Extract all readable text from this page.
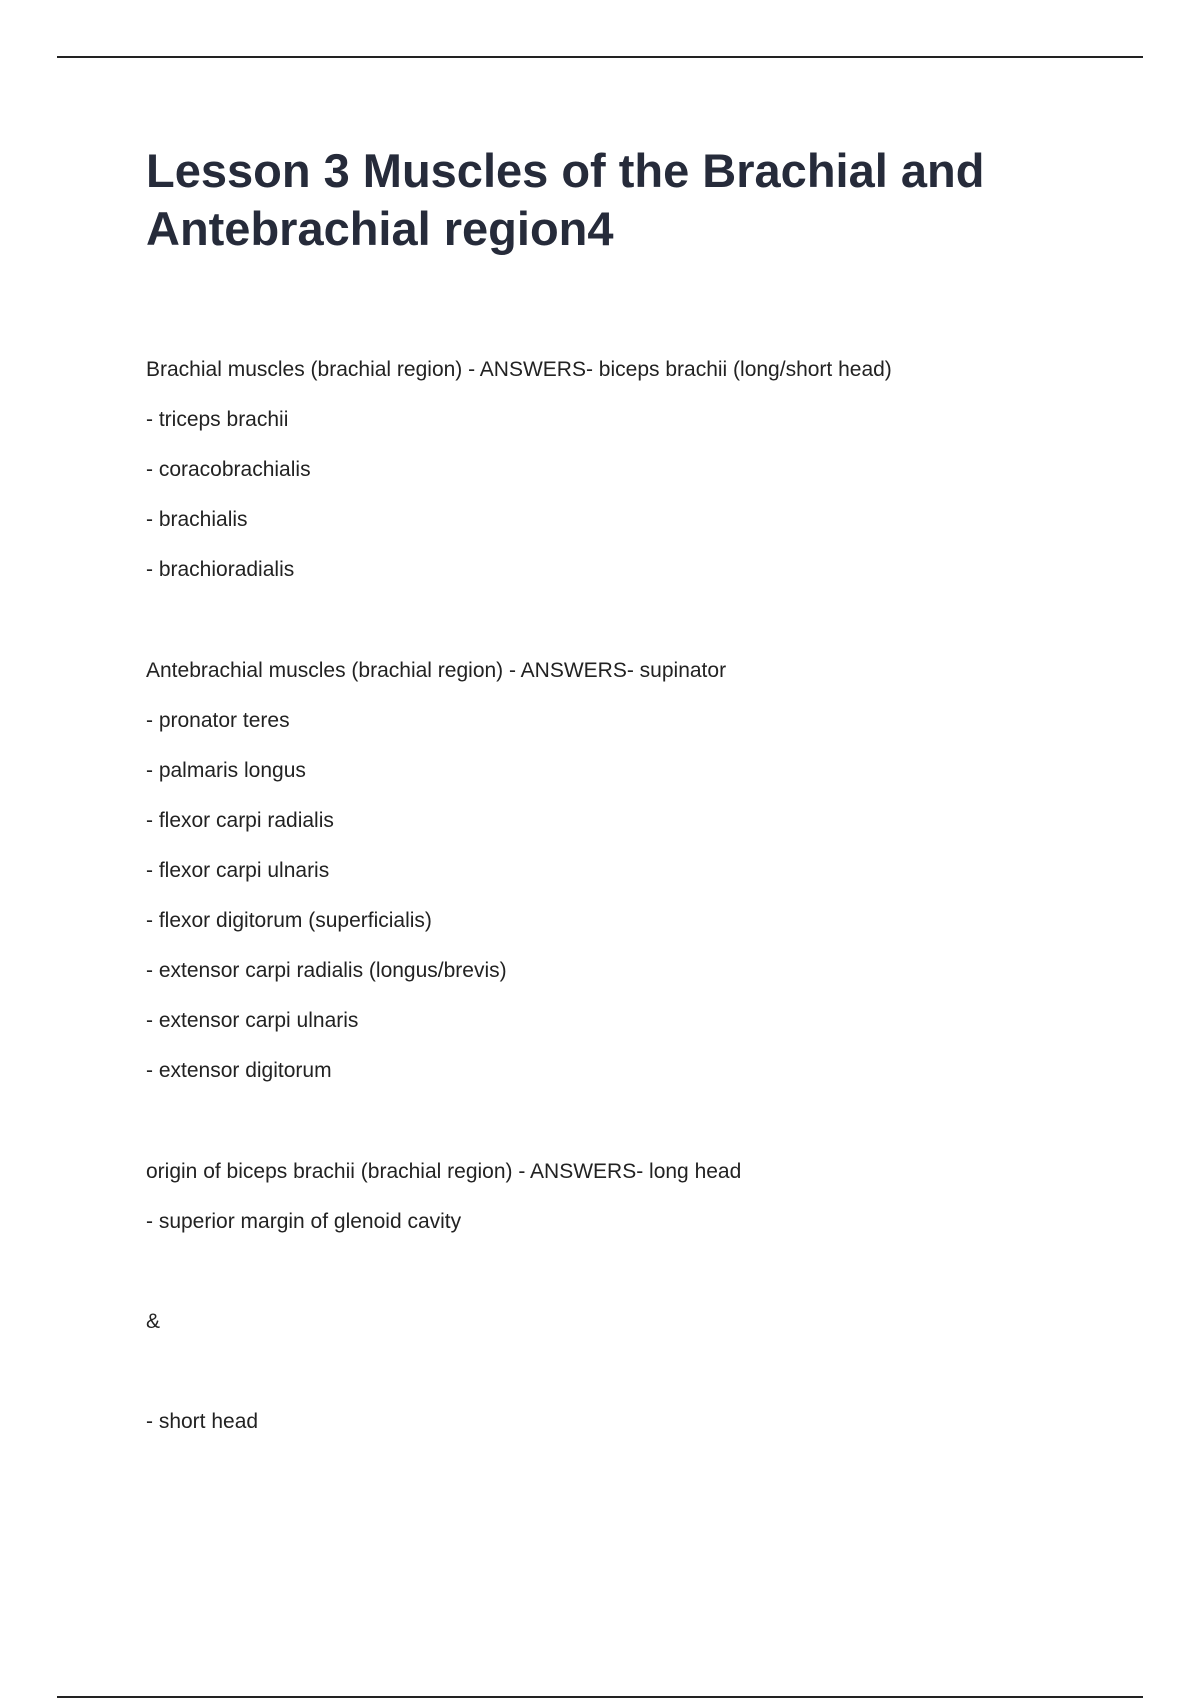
Lesson 3 Muscles of the Brachial and Antebrachial region4
Brachial muscles (brachial region) - ANSWERS- biceps brachii (long/short head)
- triceps brachii
- coracobrachialis
- brachialis
- brachioradialis
Antebrachial muscles (brachial region) - ANSWERS- supinator
- pronator teres
- palmaris longus
- flexor carpi radialis
- flexor carpi ulnaris
- flexor digitorum (superficialis)
- extensor carpi radialis (longus/brevis)
- extensor carpi ulnaris
- extensor digitorum
origin of biceps brachii (brachial region) - ANSWERS- long head
- superior margin of glenoid cavity
&
- short head
